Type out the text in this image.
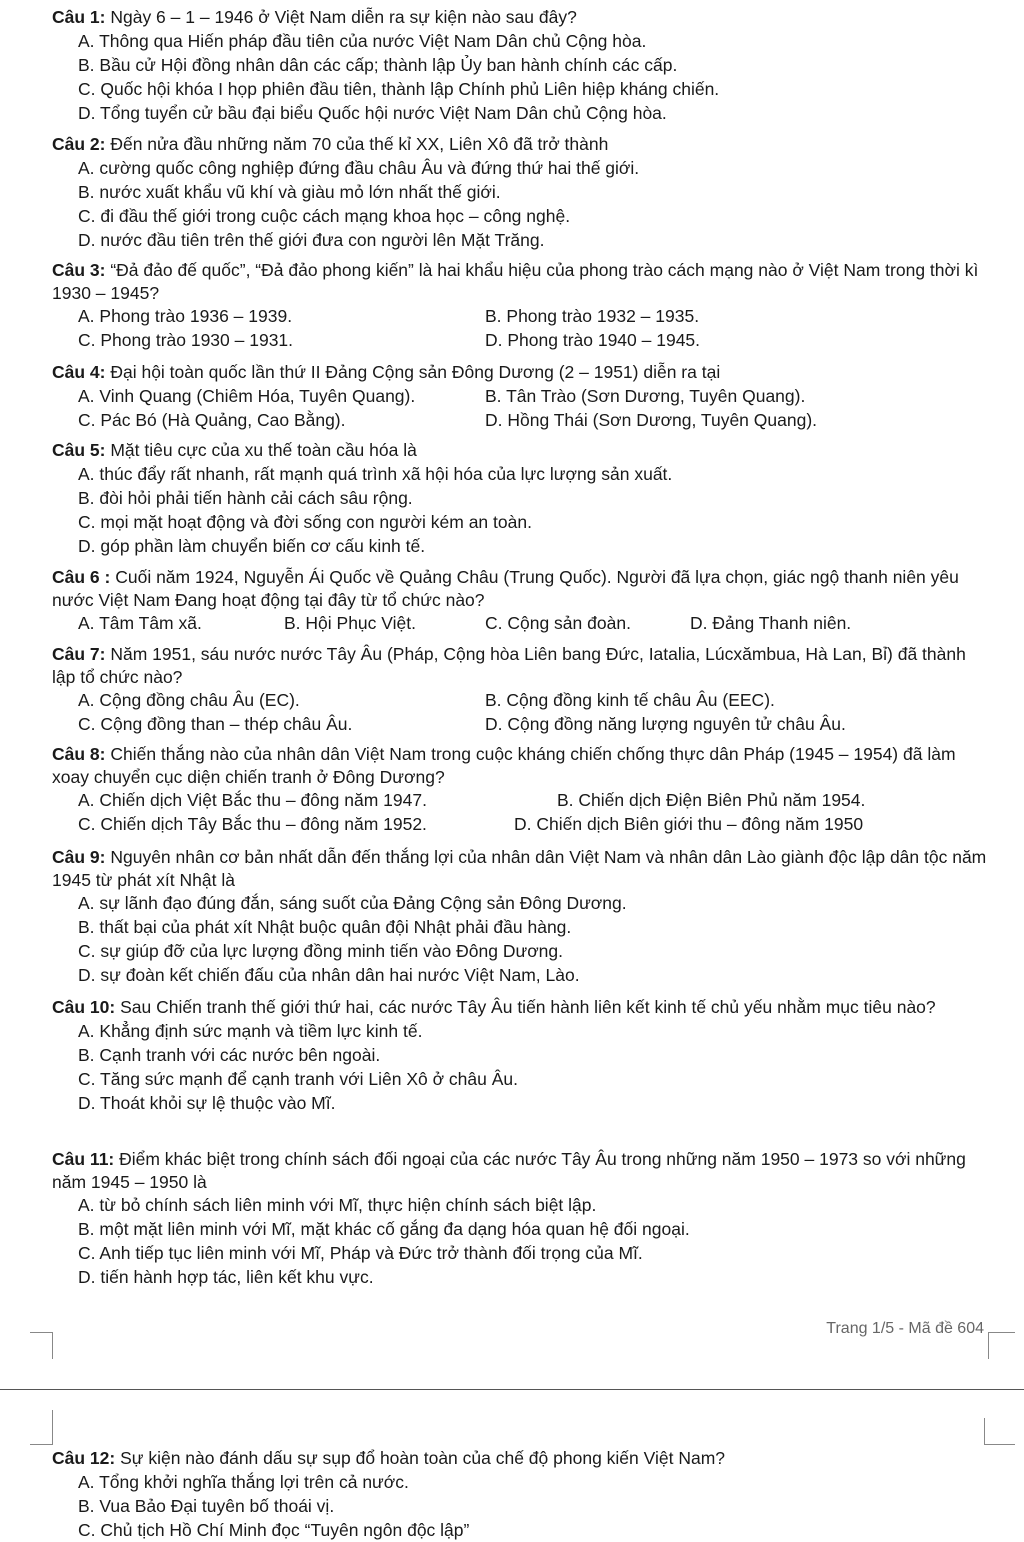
Câu 1: Ngày 6 – 1 – 1946 ở Việt Nam diễn ra sự kiện nào sau đây?
A. Thông qua Hiến pháp đầu tiên của nước Việt Nam Dân chủ Cộng hòa.
B. Bầu cử Hội đồng nhân dân các cấp; thành lập Ủy ban hành chính các cấp.
C. Quốc hội khóa I họp phiên đầu tiên, thành lập Chính phủ Liên hiệp kháng chiến.
D. Tổng tuyển cử bầu đại biểu Quốc hội nước Việt Nam Dân chủ Cộng hòa.
Câu 2: Đến nửa đầu những năm 70 của thế kỉ XX, Liên Xô đã trở thành
A. cường quốc công nghiệp đứng đầu châu Âu và đứng thứ hai thế giới.
B. nước xuất khẩu vũ khí và giàu mỏ lớn nhất thế giới.
C. đi đầu thế giới trong cuộc cách mạng khoa học – công nghệ.
D. nước đầu tiên trên thế giới đưa con người lên Mặt Trăng.
Câu 3: “Đả đảo đế quốc”, “Đả đảo phong kiến” là hai khẩu hiệu của phong trào cách mạng nào ở Việt Nam trong thời kì 1930 – 1945?
A. Phong trào 1936 – 1939.	B. Phong trào 1932 – 1935.
C. Phong trào 1930 – 1931.	D. Phong trào 1940 – 1945.
Câu 4: Đại hội toàn quốc lần thứ II Đảng Cộng sản Đông Dương (2 – 1951) diễn ra tại
A. Vinh Quang (Chiêm Hóa, Tuyên Quang).	B. Tân Trào (Sơn Dương, Tuyên Quang).
C. Pác Bó (Hà Quảng, Cao Bằng).	D. Hồng Thái (Sơn Dương, Tuyên Quang).
Câu 5: Mặt tiêu cực của xu thế toàn cầu hóa là
A. thúc đẩy rất nhanh, rất mạnh quá trình xã hội hóa của lực lượng sản xuất.
B. đòi hỏi phải tiến hành cải cách sâu rộng.
C. mọi mặt hoạt động và đời sống con người kém an toàn.
D. góp phần làm chuyển biến cơ cấu kinh tế.
Câu 6 : Cuối năm 1924, Nguyễn Ái Quốc về Quảng Châu (Trung Quốc). Người đã lựa chọn, giác ngộ thanh niên yêu nước Việt Nam Đang hoạt động tại đây từ tổ chức nào?
A. Tâm Tâm xã.	B. Hội Phục Việt.	C. Cộng sản đoàn.	D. Đảng Thanh niên.
Câu 7: Năm 1951, sáu nước nước Tây Âu (Pháp, Cộng hòa Liên bang Đức, Iatalia, Lúcxămbua, Hà Lan, Bỉ) đã thành lập tổ chức nào?
A. Cộng đồng châu Âu (EC).	B. Cộng đồng kinh tế châu Âu (EEC).
C. Cộng đồng than – thép châu Âu.	D. Cộng đồng năng lượng nguyên tử châu Âu.
Câu 8: Chiến thắng nào của nhân dân Việt Nam trong cuộc kháng chiến chống thực dân Pháp (1945 – 1954) đã làm xoay chuyển cục diện chiến tranh ở Đông Dương?
A. Chiến dịch Việt Bắc thu – đông năm 1947.	B. Chiến dịch Điện Biên Phủ năm 1954.
C. Chiến dịch Tây Bắc thu – đông năm 1952.	D. Chiến dịch Biên giới thu – đông năm 1950
Câu 9: Nguyên nhân cơ bản nhất dẫn đến thắng lợi của nhân dân Việt Nam và nhân dân Lào giành độc lập dân tộc năm 1945 từ phát xít Nhật là
A. sự lãnh đạo đúng đắn, sáng suốt của Đảng Cộng sản Đông Dương.
B. thất bại của phát xít Nhật buộc quân đội Nhật phải đầu hàng.
C. sự giúp đỡ của lực lượng đồng minh tiến vào Đông Dương.
D. sự đoàn kết chiến đấu của nhân dân hai nước Việt Nam, Lào.
Câu 10: Sau Chiến tranh thế giới thứ hai, các nước Tây Âu tiến hành liên kết kinh tế chủ yếu nhằm mục tiêu nào?
A. Khẳng định sức mạnh và tiềm lực kinh tế.
B. Cạnh tranh với các nước bên ngoài.
C. Tăng sức mạnh để cạnh tranh với Liên Xô ở châu Âu.
D. Thoát khỏi sự lệ thuộc vào Mĩ.
Câu 11: Điểm khác biệt trong chính sách đối ngoại của các nước Tây Âu trong những năm 1950 – 1973 so với những năm 1945 – 1950 là
A. từ bỏ chính sách liên minh với Mĩ, thực hiện chính sách biệt lập.
B. một mặt liên minh với Mĩ, mặt khác cố gắng đa dạng hóa quan hệ đối ngoại.
C. Anh tiếp tục liên minh với Mĩ, Pháp và Đức trở thành đối trọng của Mĩ.
D. tiến hành hợp tác, liên kết khu vực.
Trang 1/5 - Mã đề 604
Câu 12: Sự kiện nào đánh dấu sự sụp đổ hoàn toàn của chế độ phong kiến Việt Nam?
A. Tổng khởi nghĩa thắng lợi trên cả nước.
B. Vua Bảo Đại tuyên bố thoái vị.
C. Chủ tịch Hồ Chí Minh đọc “Tuyên ngôn độc lập”
